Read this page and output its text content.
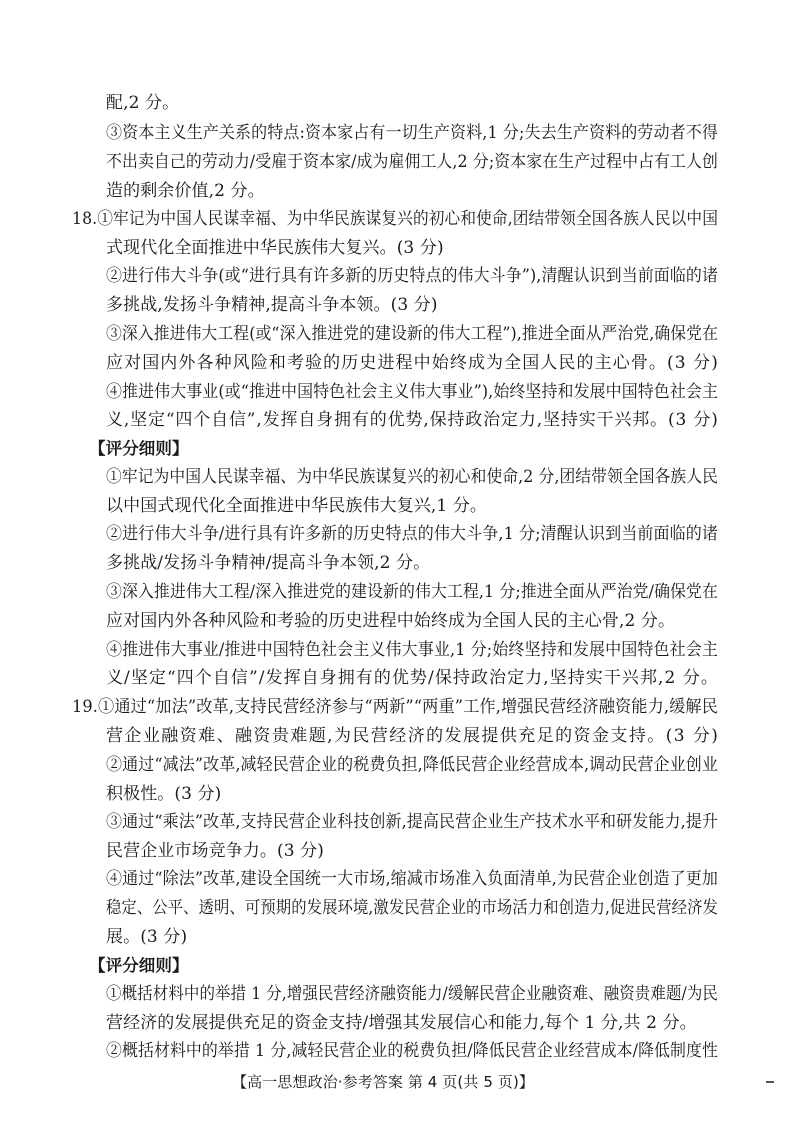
配,2 分。
③资本主义生产关系的特点:资本家占有一切生产资料,1 分;失去生产资料的劳动者不得
不出卖自己的劳动力/受雇于资本家/成为雇佣工人,2 分;资本家在生产过程中占有工人创
造的剩余价值,2 分。
18.①牢记为中国人民谋幸福、为中华民族谋复兴的初心和使命,团结带领全国各族人民以中国
式现代化全面推进中华民族伟大复兴。(3 分)
②进行伟大斗争(或“进行具有许多新的历史特点的伟大斗争”),清醒认识到当前面临的诸
多挑战,发扬斗争精神,提高斗争本领。(3 分)
③深入推进伟大工程(或“深入推进党的建设新的伟大工程”),推进全面从严治党,确保党在
应对国内外各种风险和考验的历史进程中始终成为全国人民的主心骨。(3 分)
④推进伟大事业(或“推进中国特色社会主义伟大事业”),始终坚持和发展中国特色社会主
义,坚定“四个自信”,发挥自身拥有的优势,保持政治定力,坚持实干兴邦。(3 分)
【评分细则】
①牢记为中国人民谋幸福、为中华民族谋复兴的初心和使命,2 分,团结带领全国各族人民
以中国式现代化全面推进中华民族伟大复兴,1 分。
②进行伟大斗争/进行具有许多新的历史特点的伟大斗争,1 分;清醒认识到当前面临的诸
多挑战/发扬斗争精神/提高斗争本领,2 分。
③深入推进伟大工程/深入推进党的建设新的伟大工程,1 分;推进全面从严治党/确保党在
应对国内外各种风险和考验的历史进程中始终成为全国人民的主心骨,2 分。
④推进伟大事业/推进中国特色社会主义伟大事业,1 分;始终坚持和发展中国特色社会主
义/坚定“四个自信”/发挥自身拥有的优势/保持政治定力,坚持实干兴邦,2 分。
19.①通过“加法”改革,支持民营经济参与“两新”“两重”工作,增强民营经济融资能力,缓解民
营企业融资难、融资贵难题,为民营经济的发展提供充足的资金支持。(3 分)
②通过“减法”改革,减轻民营企业的税费负担,降低民营企业经营成本,调动民营企业创业
积极性。(3 分)
③通过“乘法”改革,支持民营企业科技创新,提高民营企业生产技术水平和研发能力,提升
民营企业市场竞争力。(3 分)
④通过“除法”改革,建设全国统一大市场,缩减市场准入负面清单,为民营企业创造了更加
稳定、公平、透明、可预期的发展环境,激发民营企业的市场活力和创造力,促进民营经济发
展。(3 分)
【评分细则】
①概括材料中的举措 1 分,增强民营经济融资能力/缓解民营企业融资难、融资贵难题/为民
营经济的发展提供充足的资金支持/增强其发展信心和能力,每个 1 分,共 2 分。
②概括材料中的举措 1 分,减轻民营企业的税费负担/降低民营企业经营成本/降低制度性
【高一思想政治·参考答案 第 4 页(共 5 页)】
